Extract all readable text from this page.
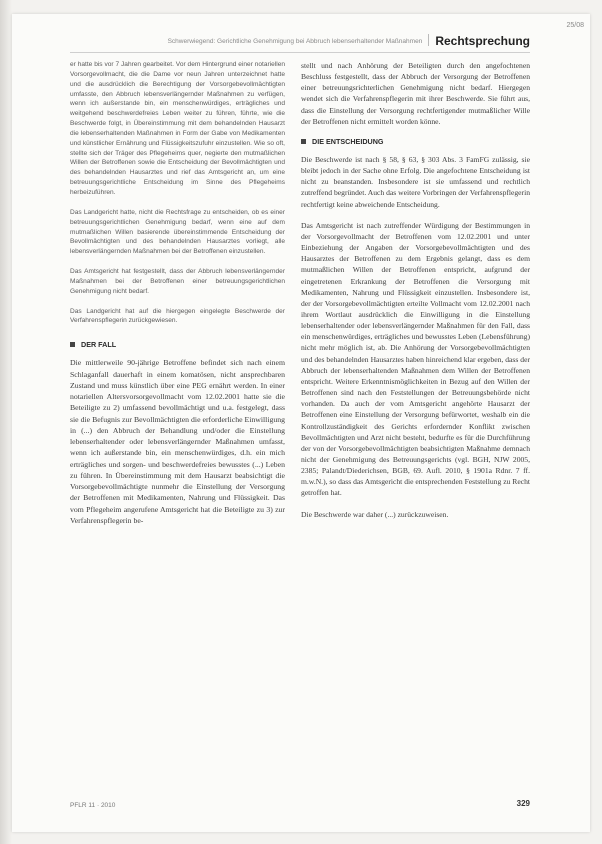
25/08
Schwerwiegend: Gerichtliche Genehmigung bei Abbruch lebenserhaltender Maßnahmen Rechtsprechung

er hatte bis vor 7 Jahren gearbeitet. Vor dem Hintergrund einer notariellen Vorsorgevollmacht, die die Dame vor neun Jahren unterzeichnet hatte und die ausdrücklich die Berechtigung der Vorsorgebevollmächtigten umfasste, den Abbruch lebensverlängernder Maßnahmen zu verfügen, wenn ich außerstande bin, ein menschenwürdiges, erträgliches und weitgehend beschwerdefreies Leben weiter zu führen, führte, wie die Beschwerde folgt, in Übereinstimmung mit dem behandelnden Hausarzt die lebenserhaltenden Maßnahmen in Form der Gabe von Medikamenten und künstlicher Ernährung und Flüssigkeitszufuhr einzustellen. Wie so oft, stellte sich der Träger des Pflegeheims quer, negierte den mutmaßlichen Willen der Betroffenen sowie die Entscheidung der Bevollmächtigten und des behandelnden Hausarztes und rief das Amtsgericht an, um eine betreuungsgerichtliche Entscheidung im Sinne des Pflegeheims herbeizuführen.

Das Landgericht hatte, nicht die Rechtsfrage zu entscheiden, ob es einer betreuungsgerichtlichen Genehmigung bedarf, wenn eine auf dem mutmaßlichen Willen basierende übereinstimmende Entscheidung der Bevollmächtigten und des behandelnden Hausarztes vorliegt, alle lebensverlängernden Maßnahmen bei der Betroffenen einzustellen.

Das Amtsgericht hat festgestellt, dass der Abbruch lebensverlängernder Maßnahmen bei der Betroffenen einer betreuungsgerichtlichen Genehmigung nicht bedarf.

Das Landgericht hat auf die hiergegen eingelegte Beschwerde der Verfahrenspflegerin zurückgewiesen.

DER FALL

Die mittlerweile 90-jährige Betroffene befindet sich nach einem Schlaganfall dauerhaft in einem komatösen, nicht ansprechbaren Zustand und muss künstlich über eine PEG ernährt werden. In einer notariellen Altersvorsorgevollmacht vom 12.02.2001 hatte sie die Beteiligte zu 2) umfassend bevollmächtigt und u.a. festgelegt, dass sie die Befugnis zur Bevollmächtigten die erforderliche Einwilligung in (...) den Abbruch der Behandlung und/oder die Einstellung lebenserhaltender oder lebensverlängernder Maßnahmen umfasst, wenn ich außerstande bin, ein menschenwürdiges, d.h. ein mich erträgliches und sorgen- und beschwerdefreies bewusstes (...) Leben zu führen. In Übereinstimmung mit dem Hausarzt beabsichtigt die Vorsorgebevollmächtigte nunmehr die Einstellung der Versorgung der Betroffenen mit Medikamenten, Nahrung und Flüssigkeit. Das vom Pflegeheim angerufene Amtsgericht hat die Beteiligte zu 3) zur Verfahrenspflegerin be-

stellt und nach Anhörung der Beteiligten durch den angefochtenen Beschluss festgestellt, dass der Abbruch der Versorgung der Betroffenen einer betreuungsrichterlichen Genehmigung nicht bedarf. Hiergegen wendet sich die Verfahrenspflegerin mit ihrer Beschwerde. Sie führt aus, dass die Einstellung der Versorgung rechtfertigender mutmaßlicher Wille der Betroffenen nicht ermittelt worden könne.

DIE ENTSCHEIDUNG

Die Beschwerde ist nach § 58, § 63, § 303 Abs. 3 FamFG zulässig, sie bleibt jedoch in der Sache ohne Erfolg. Die angefochtene Entscheidung ist nicht zu beanstanden. Insbesondere ist sie umfassend und rechtlich zutreffend begründet. Auch das weitere Vorbringen der Verfahrenspflegerin rechtfertigt keine abweichende Entscheidung.

Das Amtsgericht ist nach zutreffender Würdigung der Bestimmungen in der Vorsorgevollmacht der Betroffenen vom 12.02.2001 und unter Einbeziehung der Angaben der Vorsorgebevollmächtigten und des Hausarztes der Betroffenen zu dem Ergebnis gelangt, dass es dem mutmaßlichen Willen der Betroffenen entspricht, aufgrund der eingetretenen Erkrankung der Betroffenen die Versorgung mit Medikamenten, Nahrung und Flüssigkeit einzustellen. Insbesondere ist, der der Vorsorgebevollmächtigten erteilte Vollmacht vom 12.02.2001 nach ihrem Wortlaut ausdrücklich die Einwilligung in die Einstellung lebenserhaltender oder lebensverlängernder Maßnahmen für den Fall, dass ein menschenwürdiges, erträgliches und bewusstes Leben (Lebensführung) nicht mehr möglich ist, ab. Die Anhörung der Vorsorgebevollmächtigten und des behandelnden Hausarztes haben hinreichend klar ergeben, dass der Abbruch der lebenserhaltenden Maßnahmen dem Willen der Betroffenen entspricht. Weitere Erkenntnismöglichkeiten in Bezug auf den Willen der Betroffenen sind nach den Feststellungen der Betreuungsbehörde nicht vorhanden. Da auch der vom Amtsgericht angehörte Hausarzt der Betroffenen eine Einstellung der Versorgung befürwortet, weshalb ein die Kontrollzuständigkeit des Gerichts erfordernder Konflikt zwischen Bevollmächtigten und Arzt nicht besteht, bedurfte es für die Durchführung der von der Vorsorgebevollmächtigten beabsichtigten Maßnahme demnach nicht der Genehmigung des Betreuungsgerichts (vgl. BGH, NJW 2005, 2385; Palandt/Diederichsen, BGB, 69. Aufl. 2010, § 1901a Rdnr. 7 ff. m.w.N.), so dass das Amtsgericht die entsprechenden Feststellung zu Recht getroffen hat.

Die Beschwerde war daher (...) zurückzuweisen.

PFLR 11 · 2010	329
